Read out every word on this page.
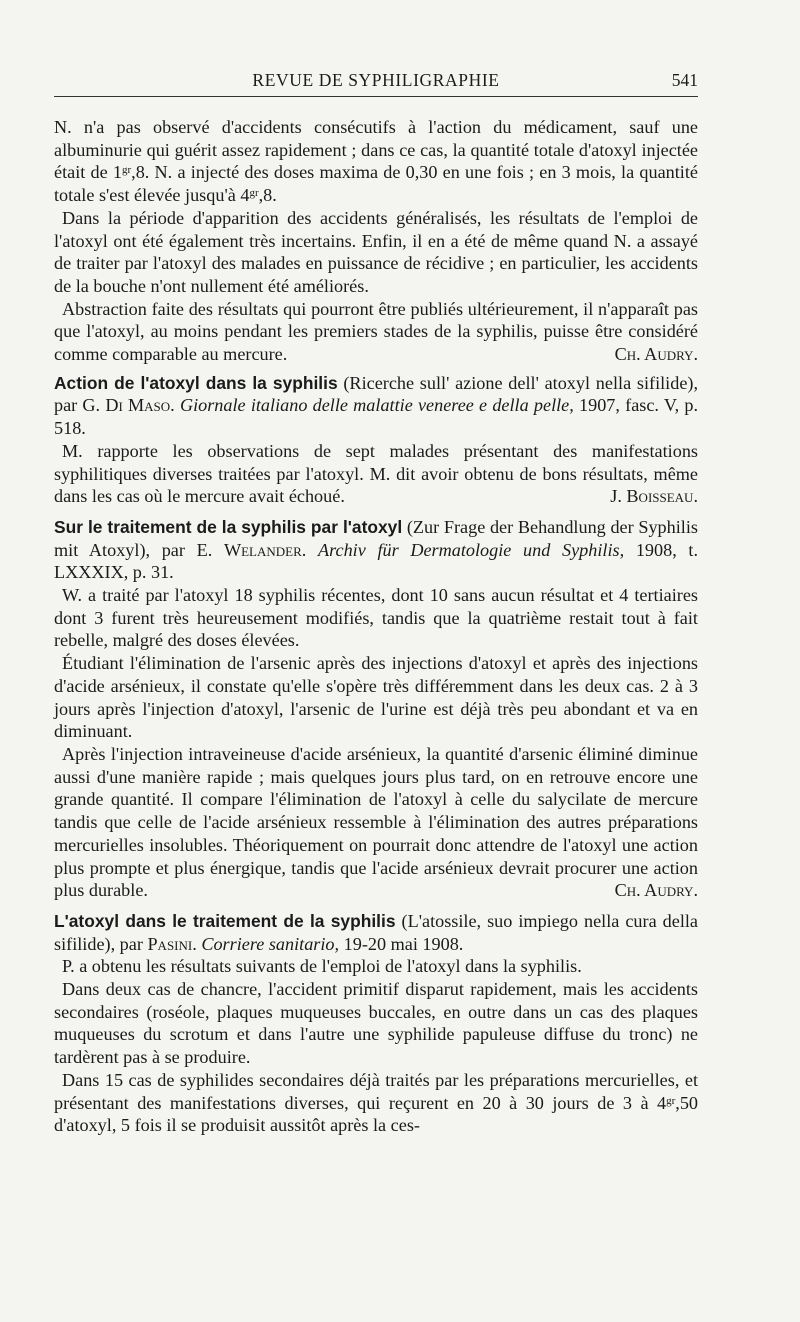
REVUE DE SYPHILIGRAPHIE	541

N. n'a pas observé d'accidents consécutifs à l'action du médicament, sauf une albuminurie qui guérit assez rapidement ; dans ce cas, la quantité totale d'atoxyl injectée était de $1^{gr},8$. N. a injecté des doses maxima de 0,30 en une fois ; en 3 mois, la quantité totale s'est élevée jusqu'à $4^{gr},8$.

Dans la période d'apparition des accidents généralisés, les résultats de l'emploi de l'atoxyl ont été également très incertains. Enfin, il en a été de même quand N. a assayé de traiter par l'atoxyl des malades en puissance de récidive ; en particulier, les accidents de la bouche n'ont nullement été améliorés.

Abstraction faite des résultats qui pourront être publiés ultérieurement, il n'apparaît pas que l'atoxyl, au moins pendant les premiers stades de la syphilis, puisse être considéré comme comparable au mercure.	Ch. Audry.

Action de l'atoxyl dans la syphilis (Ricerche sull' azione dell' atoxyl nella sifilide), par G. Di Maso. Giornale italiano delle malattie veneree e della pelle, 1907, fasc. V, p. 518.

M. rapporte les observations de sept malades présentant des manifestations syphilitiques diverses traitées par l'atoxyl. M. dit avoir obtenu de bons résultats, même dans les cas où le mercure avait échoué.	J. Boisseau.

Sur le traitement de la syphilis par l'atoxyl (Zur Frage der Behandlung der Syphilis mit Atoxyl), par E. Welander. Archiv für Dermatologie und Syphilis, 1908, t. LXXXIX, p. 31.

W. a traité par l'atoxyl 18 syphilis récentes, dont 10 sans aucun résultat et 4 tertiaires dont 3 furent très heureusement modifiés, tandis que la quatrième restait tout à fait rebelle, malgré des doses élevées.

Étudiant l'élimination de l'arsenic après des injections d'atoxyl et après des injections d'acide arsénieux, il constate qu'elle s'opère très différemment dans les deux cas. 2 à 3 jours après l'injection d'atoxyl, l'arsenic de l'urine est déjà très peu abondant et va en diminuant.

Après l'injection intraveineuse d'acide arsénieux, la quantité d'arsenic éliminé diminue aussi d'une manière rapide ; mais quelques jours plus tard, on en retrouve encore une grande quantité. Il compare l'élimination de l'atoxyl à celle du salycilate de mercure tandis que celle de l'acide arsénieux ressemble à l'élimination des autres préparations mercurielles insolubles. Théoriquement on pourrait donc attendre de l'atoxyl une action plus prompte et plus énergique, tandis que l'acide arsénieux devrait procurer une action plus durable.	Ch. Audry.

L'atoxyl dans le traitement de la syphilis (L'atossile, suo impiego nella cura della sifilide), par Pasini. Corriere sanitario, 19-20 mai 1908.

P. a obtenu les résultats suivants de l'emploi de l'atoxyl dans la syphilis.

Dans deux cas de chancre, l'accident primitif disparut rapidement, mais les accidents secondaires (roséole, plaques muqueuses buccales, en outre dans un cas des plaques muqueuses du scrotum et dans l'autre une syphilide papuleuse diffuse du tronc) ne tardèrent pas à se produire.

Dans 15 cas de syphilides secondaires déjà traités par les préparations mercurielles, et présentant des manifestations diverses, qui reçurent en 20 à 30 jours de 3 à $4^{gr},50$ d'atoxyl, 5 fois il se produisit aussitôt après la ces-
